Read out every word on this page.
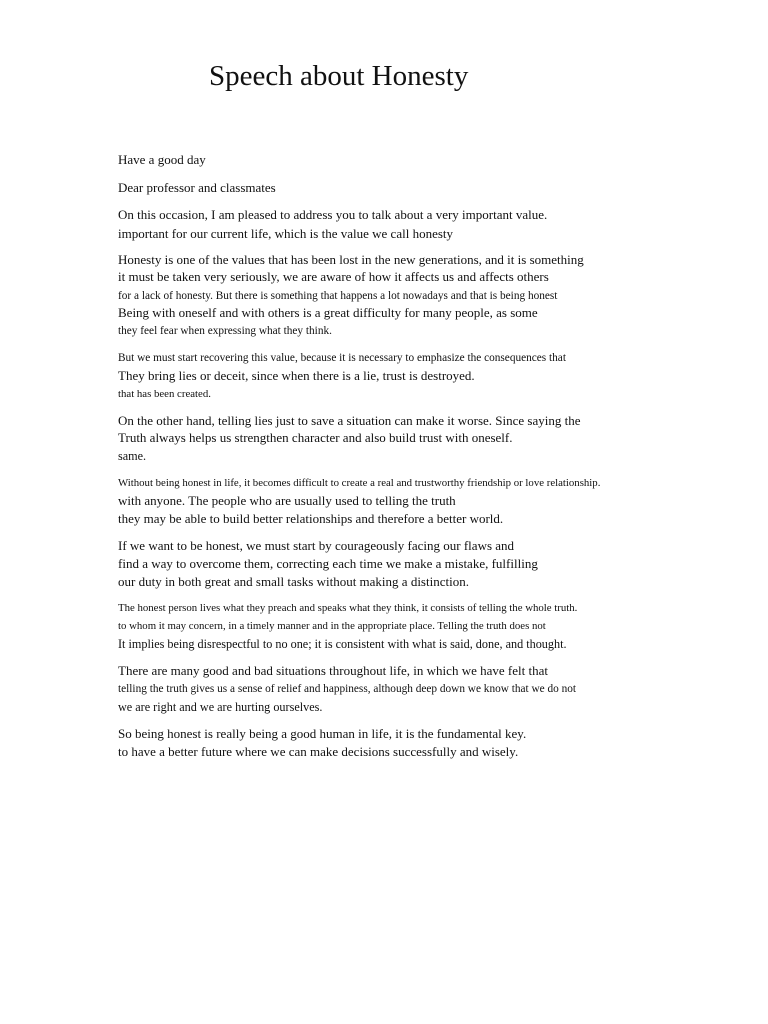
Speech about Honesty
Have a good day
Dear professor and classmates
On this occasion, I am pleased to address you to talk about a very important value.
important for our current life, which is the value we call honesty
Honesty is one of the values that has been lost in the new generations, and it is something
it must be taken very seriously, we are aware of how it affects us and affects others
for a lack of honesty. But there is something that happens a lot nowadays and that is being honest
Being with oneself and with others is a great difficulty for many people, as some
they feel fear when expressing what they think.
But we must start recovering this value, because it is necessary to emphasize the consequences that
They bring lies or deceit, since when there is a lie, trust is destroyed.
that has been created.
On the other hand, telling lies just to save a situation can make it worse. Since saying the
Truth always helps us strengthen character and also build trust with oneself.
same.
Without being honest in life, it becomes difficult to create a real and trustworthy friendship or love relationship.
with anyone. The people who are usually used to telling the truth
they may be able to build better relationships and therefore a better world.
If we want to be honest, we must start by courageously facing our flaws and
find a way to overcome them, correcting each time we make a mistake, fulfilling
our duty in both great and small tasks without making a distinction.
The honest person lives what they preach and speaks what they think, it consists of telling the whole truth.
to whom it may concern, in a timely manner and in the appropriate place. Telling the truth does not
It implies being disrespectful to no one; it is consistent with what is said, done, and thought.
There are many good and bad situations throughout life, in which we have felt that
telling the truth gives us a sense of relief and happiness, although deep down we know that we do not
we are right and we are hurting ourselves.
So being honest is really being a good human in life, it is the fundamental key.
to have a better future where we can make decisions successfully and wisely.
